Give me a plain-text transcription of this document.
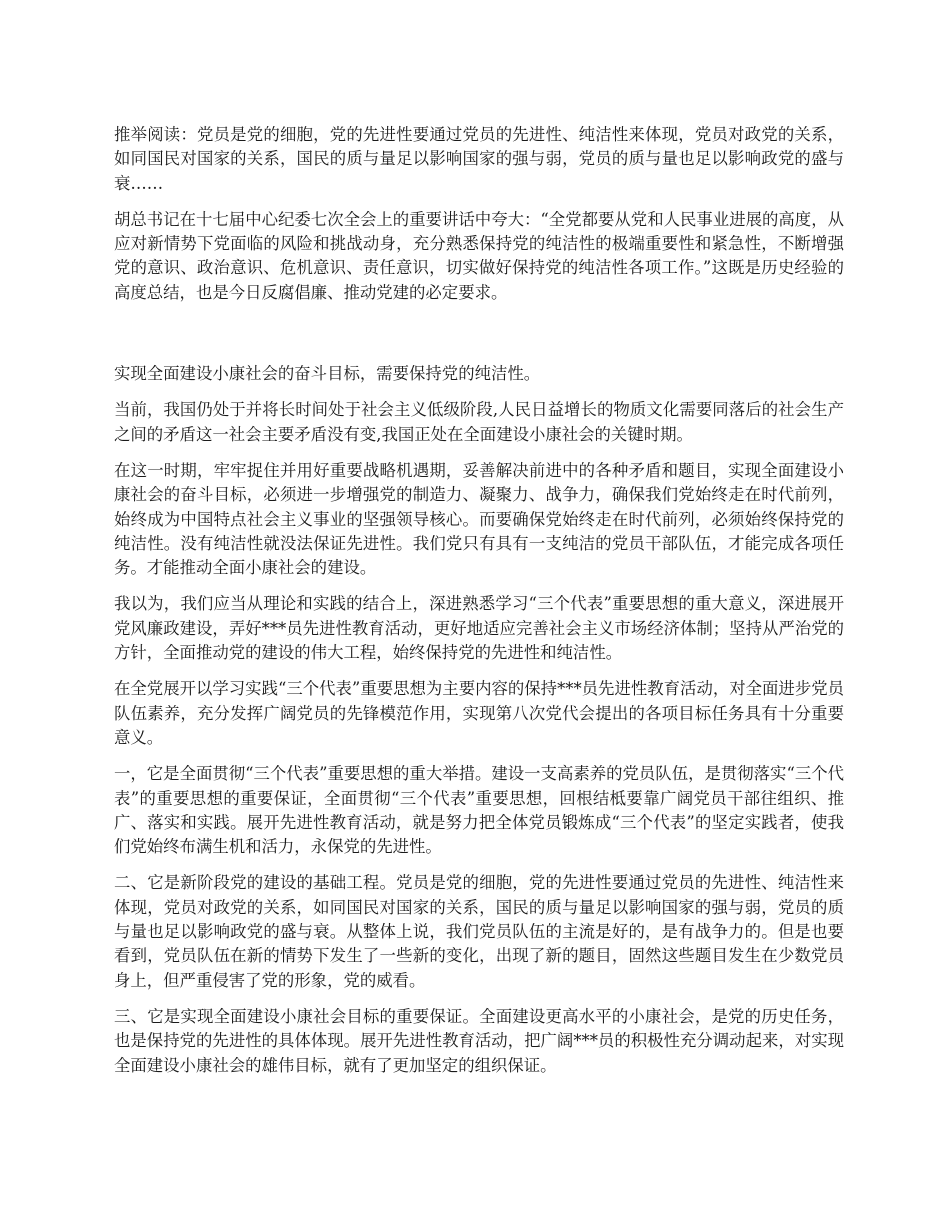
推举阅读：党员是党的细胞，党的先进性要通过党员的先进性、纯洁性来体现，党员对政党的关系，如同国民对国家的关系，国民的质与量足以影响国家的强与弱，党员的质与量也足以影响政党的盛与衰……

胡总书记在十七届中心纪委七次全会上的重要讲话中夸大：“全党都要从党和人民事业进展的高度，从应对新情势下党面临的风险和挑战动身，充分熟悉保持党的纯洁性的极端重要性和紧急性，不断增强党的意识、政治意识、危机意识、责任意识，切实做好保持党的纯洁性各项工作。”这既是历史经验的高度总结，也是今日反腐倡廉、推动党建的必定要求。

实现全面建设小康社会的奋斗目标，需要保持党的纯洁性。

当前，我国仍处于并将长时间处于社会主义低级阶段,人民日益增长的物质文化需要同落后的社会生产之间的矛盾这一社会主要矛盾没有变,我国正处在全面建设小康社会的关键时期。

在这一时期，牢牢捉住并用好重要战略机遇期，妥善解决前进中的各种矛盾和题目，实现全面建设小康社会的奋斗目标，必须进一步增强党的制造力、凝聚力、战争力，确保我们党始终走在时代前列，始终成为中国特点社会主义事业的坚强领导核心。而要确保党始终走在时代前列，必须始终保持党的纯洁性。没有纯洁性就没法保证先进性。我们党只有具有一支纯洁的党员干部队伍，才能完成各项任务。才能推动全面小康社会的建设。

我以为，我们应当从理论和实践的结合上，深进熟悉学习“三个代表”重要思想的重大意义，深进展开党风廉政建设，弄好***员先进性教育活动，更好地适应完善社会主义市场经济体制；坚持从严治党的方针，全面推动党的建设的伟大工程，始终保持党的先进性和纯洁性。

在全党展开以学习实践“三个代表”重要思想为主要内容的保持***员先进性教育活动，对全面进步党员队伍素养，充分发挥广阔党员的先锋模范作用，实现第八次党代会提出的各项目标任务具有十分重要意义。

一，它是全面贯彻“三个代表”重要思想的重大举措。建设一支高素养的党员队伍，是贯彻落实“三个代表”的重要思想的重要保证，全面贯彻“三个代表”重要思想，回根结柢要靠广阔党员干部往组织、推广、落实和实践。展开先进性教育活动，就是努力把全体党员锻炼成“三个代表”的坚定实践者，使我们党始终布满生机和活力，永保党的先进性。

二、它是新阶段党的建设的基础工程。党员是党的细胞，党的先进性要通过党员的先进性、纯洁性来体现，党员对政党的关系，如同国民对国家的关系，国民的质与量足以影响国家的强与弱，党员的质与量也足以影响政党的盛与衰。从整体上说，我们党员队伍的主流是好的，是有战争力的。但是也要看到，党员队伍在新的情势下发生了一些新的变化，出现了新的题目，固然这些题目发生在少数党员身上，但严重侵害了党的形象，党的威看。

三、它是实现全面建设小康社会目标的重要保证。全面建设更高水平的小康社会，是党的历史任务，也是保持党的先进性的具体体现。展开先进性教育活动，把广阔***员的积极性充分调动起来，对实现全面建设小康社会的雄伟目标，就有了更加坚定的组织保证。
